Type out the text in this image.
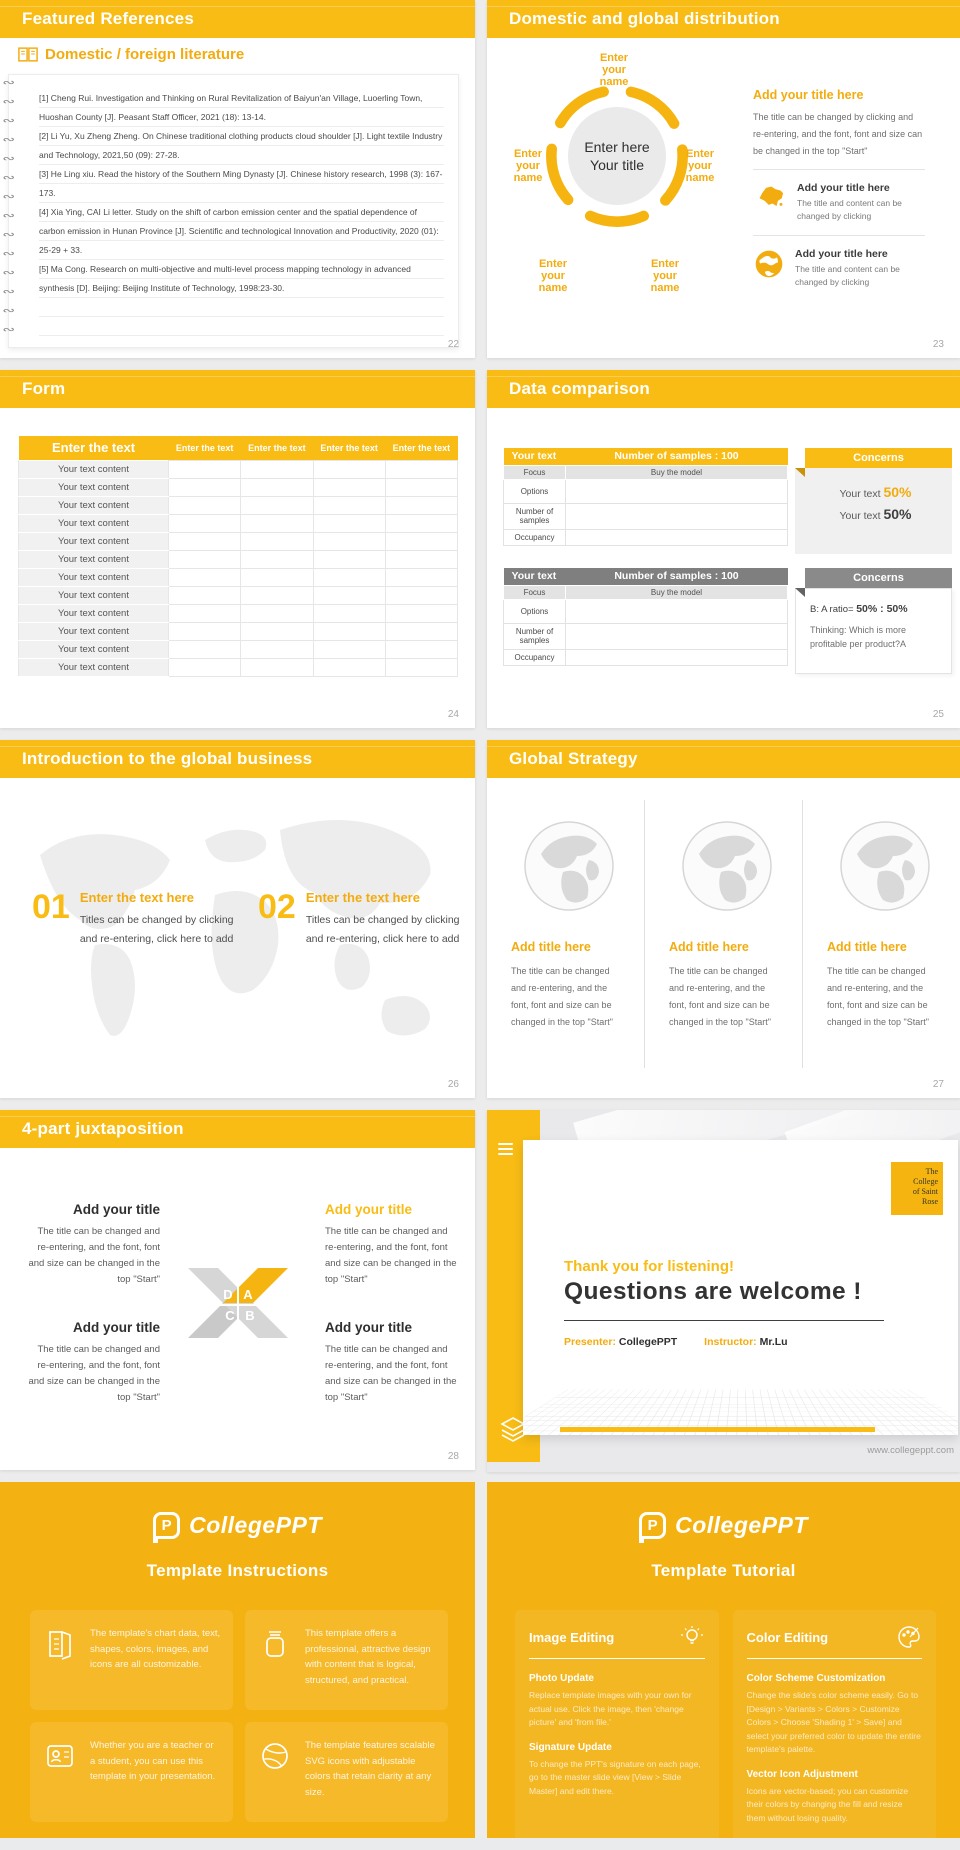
Featured References
Domestic / foreign literature
∾
∾
∾
∾
∾
∾
∾
∾
∾
∾
∾
∾
∾
∾

[1] Cheng Rui. Investigation and Thinking on Rural Revitalization of Baiyun'an Village, Luoerling Town, Huoshan County [J]. Peasant Staff Officer, 2021 (18): 13-14.

[2] Li Yu, Xu Zheng Zheng. On Chinese traditional clothing products cloud shoulder [J]. Light textile Industry and Technology, 2021,50 (09): 27-28.

[3] He Ling xiu. Read the history of the Southern Ming Dynasty [J]. Chinese history research, 1998 (3): 167-173.

[4] Xia Ying, CAI Li letter. Study on the shift of carbon emission center and the spatial dependence of carbon emission in Hunan Province [J]. Scientific and technological Innovation and Productivity, 2020 (01): 25-29 + 33.

[5] Ma Cong. Research on multi-objective and multi-level process mapping technology in advanced synthesis [D]. Beijing: Beijing Institute of Technology, 1998:23-30.

22
Domestic and global distribution
Enter here
Your title
Enter your name
Enter your name
Enter your name
Enter your name
Enter your name
Add your title here
The title can be changed by clicking and re-entering, and the font, font and size can be changed in the top "Start"
Add your title here
The title and content can be changed by clicking
Add your title here
The title and content can be changed by clicking
23
Form
Enter the text	Enter the text	Enter the text	Enter the text	Enter the text
Your text content				
Your text content				
Your text content				
Your text content				
Your text content				
Your text content				
Your text content				
Your text content				
Your text content				
Your text content				
Your text content				
Your text content				
24
Data comparison
Your text	Number of samples : 100
Focus	Buy the model
Options	
Number of samples	
Occupancy	
Concerns
Your text 50%
Your text 50%
Your text	Number of samples : 100
Focus	Buy the model
Options	
Number of samples	
Occupancy	
Concerns
B: A ratio= 50% : 50%
Thinking: Which is more profitable per product?A
25
Introduction to the global business
01 Enter the text here
Titles can be changed by clicking
and re-entering, click here to add
02 Enter the text here
Titles can be changed by clicking
and re-entering, click here to add
26
Global Strategy
Add title here
The title can be changed and re-entering, and the font, font and size can be changed in the top "Start"
Add title here
The title can be changed and re-entering, and the font, font and size can be changed in the top "Start"
Add title here
The title can be changed and re-entering, and the font, font and size can be changed in the top "Start"
27
4-part juxtaposition
Add your title
The title can be changed and re-entering, and the font, font and size can be changed in the top "Start"
Add your title
The title can be changed and re-entering, and the font, font and size can be changed in the top "Start"
Add your title
The title can be changed and re-entering, and the font, font and size can be changed in the top "Start"
Add your title
The title can be changed and re-entering, and the font, font and size can be changed in the top "Start"
D A
C B
28
The
College
of Saint
Rose
Thank you for listening!
Questions are welcome !
Presenter: CollegePPT	Instructor: Mr.Lu
www.collegeppt.com
P CollegePPT
Template Instructions
The template's chart data, text, shapes, colors, images, and icons are all customizable.
This template offers a professional, attractive design with content that is logical, structured, and practical.
Whether you are a teacher or a student, you can use this template in your presentation.
The template features scalable SVG icons with adjustable colors that retain clarity at any size.
P CollegePPT
Template Tutorial
Image Editing
Photo Update

Replace template images with your own for actual use. Click the image, then 'change picture' and 'from file.'

Signature Update

To change the PPT's signature on each page, go to the master slide view [View > Slide Master] and edit there.

Color Editing
Color Scheme Customization

Change the slide's color scheme easily. Go to [Design > Variants > Colors > Customize Colors > Choose 'Shading 1' > Save] and select your preferred color to update the entire template's palette.

Vector Icon Adjustment

Icons are vector-based; you can customize their colors by changing the fill and resize them without losing quality.
